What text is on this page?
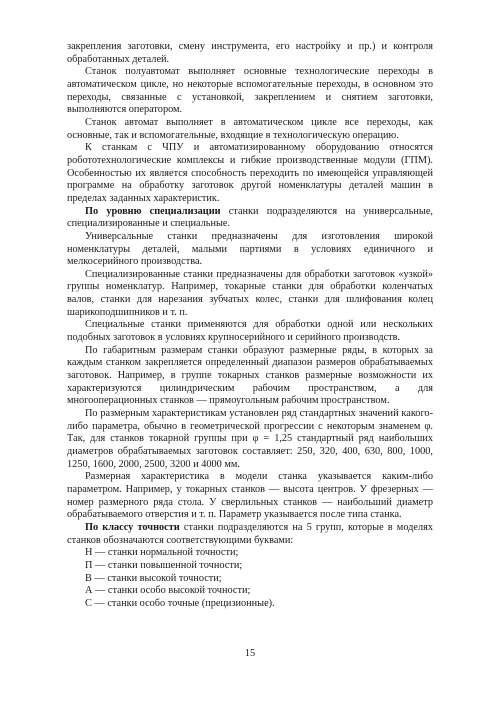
закрепления заготовки, смену инструмента, его настройку и пр.) и контроля обработанных деталей.

Станок полуавтомат выполняет основные технологические переходы в автоматическом цикле, но некоторые вспомогательные переходы, в основном это переходы, связанные с установкой, закреплением и снятием заготовки, выполняются оператором.

Станок автомат выполняет в автоматическом цикле все переходы, как основные, так и вспомогательные, входящие в технологическую операцию.

К станкам с ЧПУ и автоматизированному оборудованию относятся робототехнологические комплексы и гибкие производственные модули (ГПМ). Особенностью их является способность переходить по имеющейся управляющей программе на обработку заготовок другой номенклатуры деталей машин в пределах заданных характеристик.

По уровню специализации станки подразделяются на универсальные, специализированные и специальные.

Универсальные станки предназначены для изготовления широкой номенклатуры деталей, малыми партиями в условиях единичного и мелкосерийного производства.

Специализированные станки предназначены для обработки заготовок «узкой» группы номенклатур. Например, токарные станки для обработки коленчатых валов, станки для нарезания зубчатых колес, станки для шлифования колец шарикоподшипников и т. п.

Специальные станки применяются для обработки одной или нескольких подобных заготовок в условиях крупносерийного и серийного производств.

По габаритным размерам станки образуют размерные ряды, в которых за каждым станком закрепляется определенный диапазон размеров обрабатываемых заготовок. Например, в группе токарных станков размерные возможности их характеризуются цилиндрическим рабочим пространством, а для многооперационных станков — прямоугольным рабочим пространством.

По размерным характеристикам установлен ряд стандартных значений какого-либо параметра, обычно в геометрической прогрессии с некоторым знаменем φ. Так, для станков токарной группы при φ = 1,25 стандартный ряд наибольших диаметров обрабатываемых заготовок составляет: 250, 320, 400, 630, 800, 1000, 1250, 1600, 2000, 2500, 3200 и 4000 мм.

Размерная характеристика в модели станка указывается каким-либо параметром. Например, у токарных станков — высота центров. У фрезерных — номер размерного ряда стола. У сверлильных станков — наибольший диаметр обрабатываемого отверстия и т. п. Параметр указывается после типа станка.

По классу точности станки подразделяются на 5 групп, которые в моделях станков обозначаются соответствующими буквами:

Н — станки нормальной точности;

П — станки повышенной точности;

В — станки высокой точности;

А — станки особо высокой точности;

С — станки особо точные (прецизионные).

15
